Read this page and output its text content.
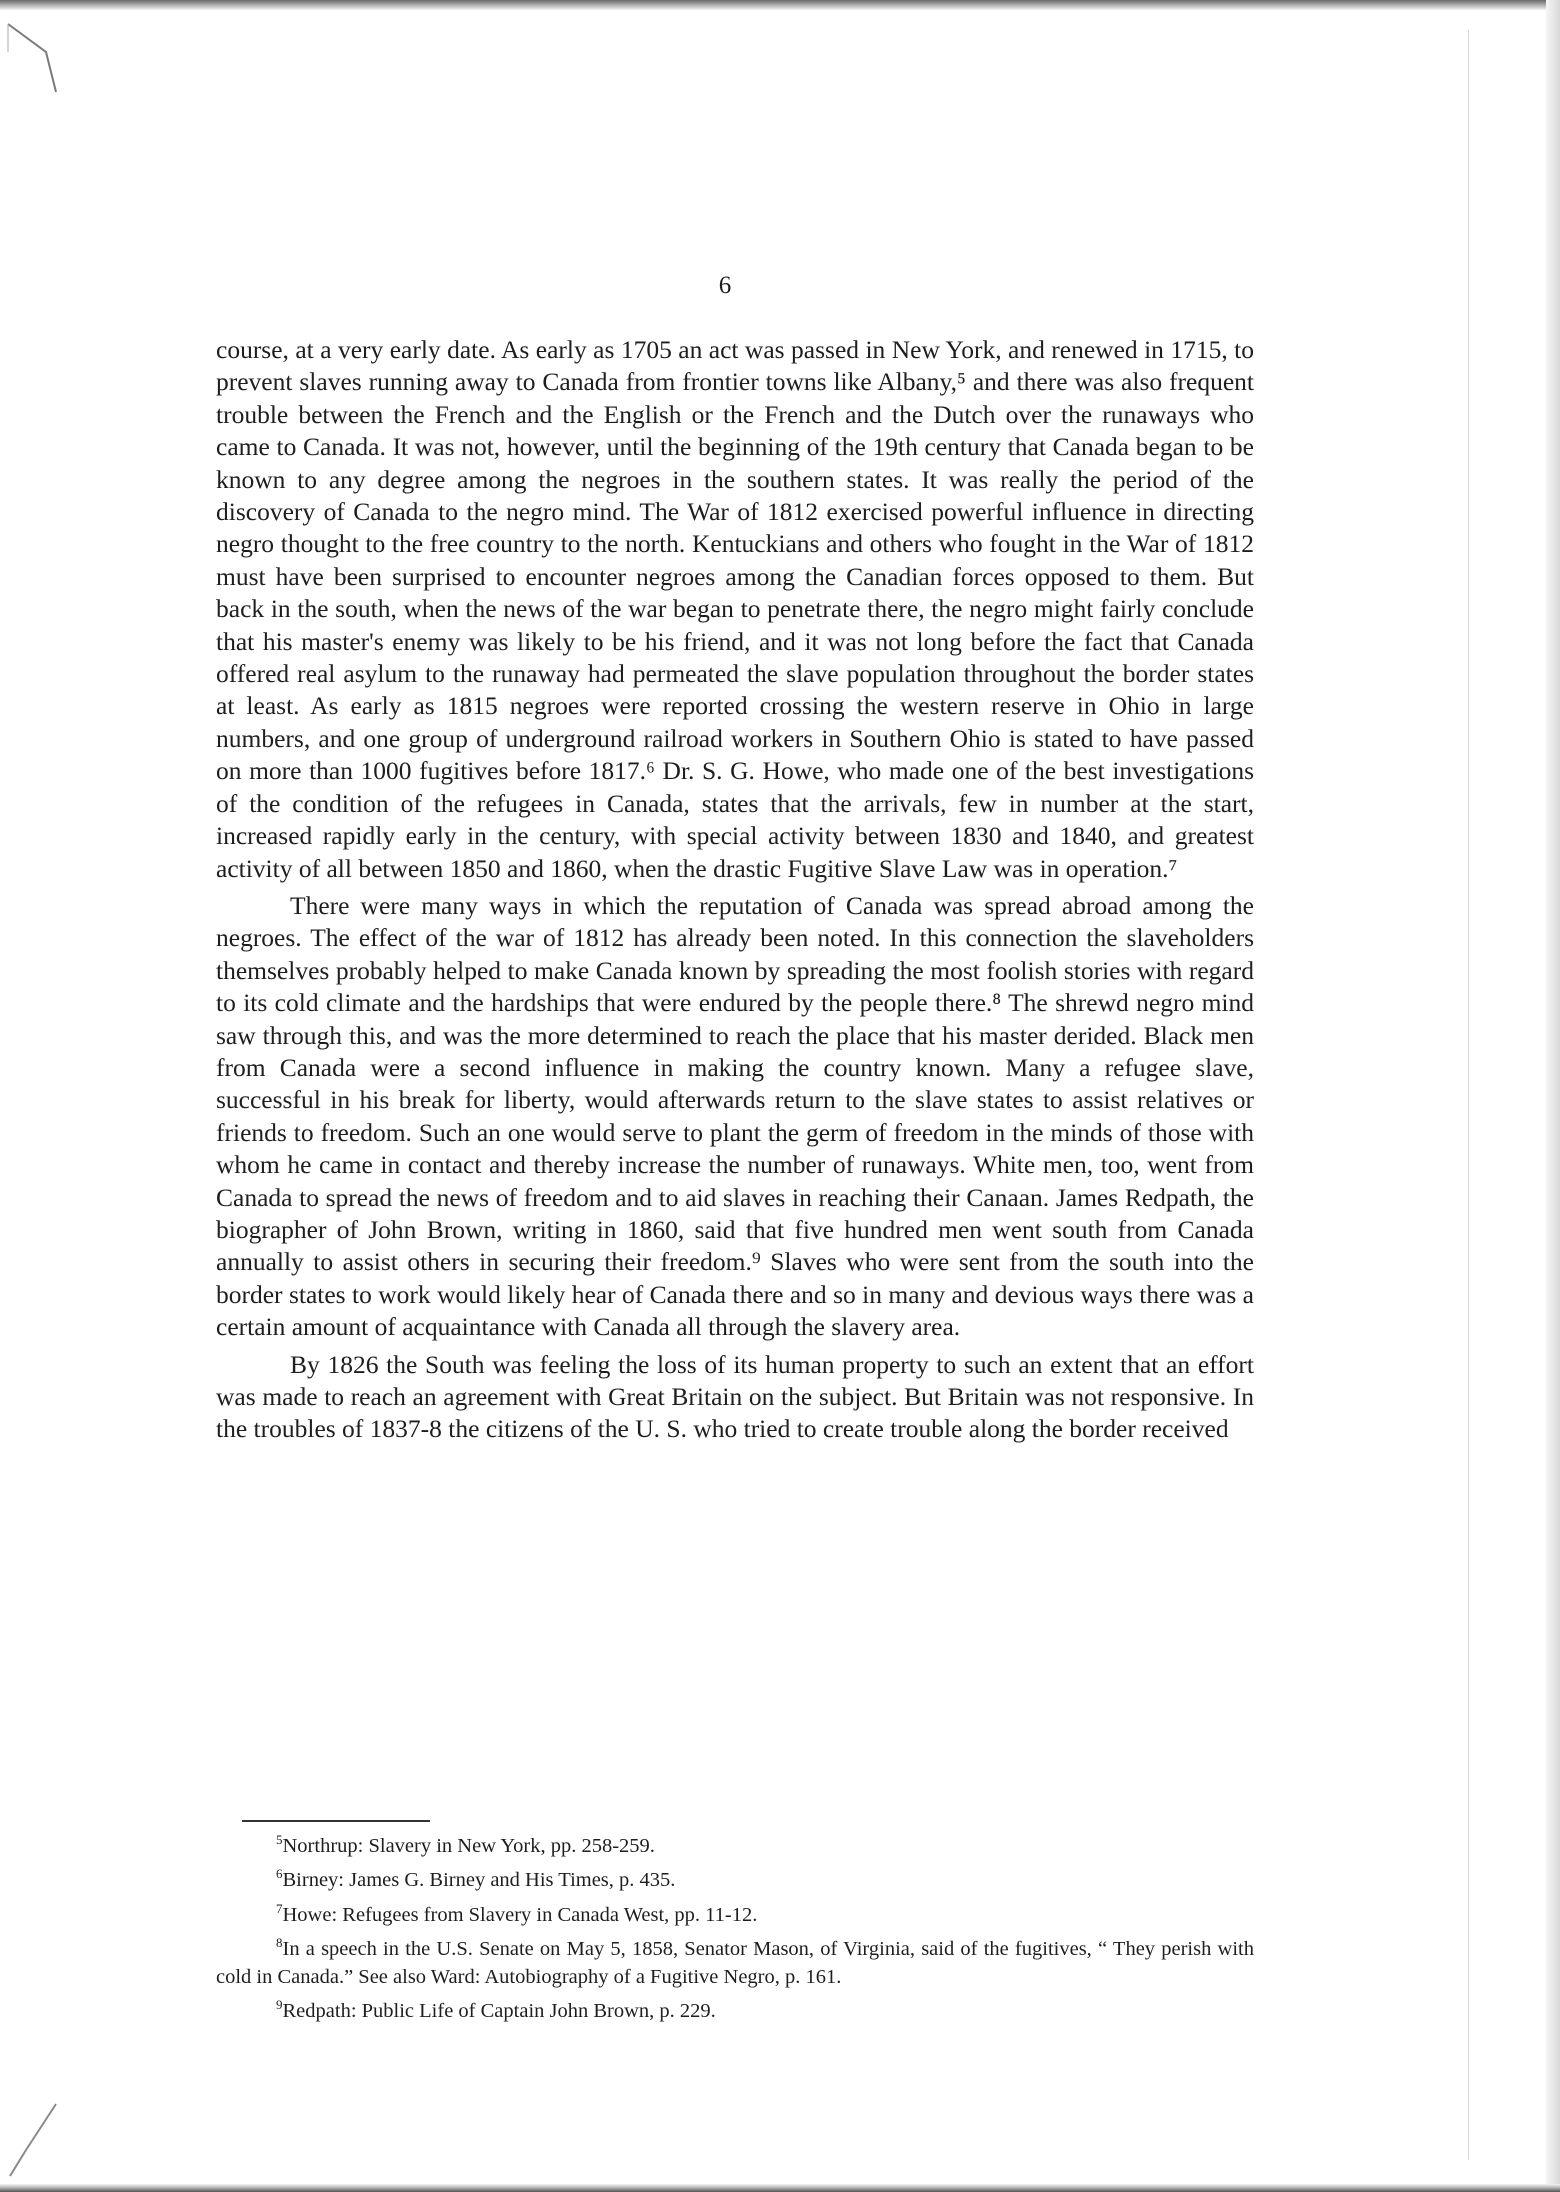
6

course, at a very early date. As early as 1705 an act was passed in New York, and renewed in 1715, to prevent slaves running away to Canada from frontier towns like Albany,⁵ and there was also frequent trouble between the French and the English or the French and the Dutch over the runaways who came to Canada. It was not, however, until the beginning of the 19th century that Canada began to be known to any degree among the negroes in the southern states. It was really the period of the discovery of Canada to the negro mind. The War of 1812 exercised powerful influence in directing negro thought to the free country to the north. Kentuckians and others who fought in the War of 1812 must have been surprised to encounter negroes among the Canadian forces opposed to them. But back in the south, when the news of the war began to penetrate there, the negro might fairly conclude that his master's enemy was likely to be his friend, and it was not long before the fact that Canada offered real asylum to the runaway had permeated the slave population throughout the border states at least. As early as 1815 negroes were reported crossing the western reserve in Ohio in large numbers, and one group of underground railroad workers in Southern Ohio is stated to have passed on more than 1000 fugitives before 1817.⁶ Dr. S. G. Howe, who made one of the best investigations of the condition of the refugees in Canada, states that the arrivals, few in number at the start, increased rapidly early in the century, with special activity between 1830 and 1840, and greatest activity of all between 1850 and 1860, when the drastic Fugitive Slave Law was in operation.⁷

There were many ways in which the reputation of Canada was spread abroad among the negroes. The effect of the war of 1812 has already been noted. In this connection the slaveholders themselves probably helped to make Canada known by spreading the most foolish stories with regard to its cold climate and the hardships that were endured by the people there.⁸ The shrewd negro mind saw through this, and was the more determined to reach the place that his master derided. Black men from Canada were a second influence in making the country known. Many a refugee slave, successful in his break for liberty, would afterwards return to the slave states to assist relatives or friends to freedom. Such an one would serve to plant the germ of freedom in the minds of those with whom he came in contact and thereby increase the number of runaways. White men, too, went from Canada to spread the news of freedom and to aid slaves in reaching their Canaan. James Redpath, the biographer of John Brown, writing in 1860, said that five hundred men went south from Canada annually to assist others in securing their freedom.⁹ Slaves who were sent from the south into the border states to work would likely hear of Canada there and so in many and devious ways there was a certain amount of acquaintance with Canada all through the slavery area.

By 1826 the South was feeling the loss of its human property to such an extent that an effort was made to reach an agreement with Great Britain on the subject. But Britain was not responsive. In the troubles of 1837-8 the citizens of the U. S. who tried to create trouble along the border received

$^5$Northrup: Slavery in New York, pp. 258-259.

$^6$Birney: James G. Birney and His Times, p. 435.

$^7$Howe: Refugees from Slavery in Canada West, pp. 11-12.

$^8$In a speech in the U.S. Senate on May 5, 1858, Senator Mason, of Virginia, said of the fugitives, “ They perish with cold in Canada.” See also Ward: Autobiography of a Fugitive Negro, p. 161.

$^9$Redpath: Public Life of Captain John Brown, p. 229.
